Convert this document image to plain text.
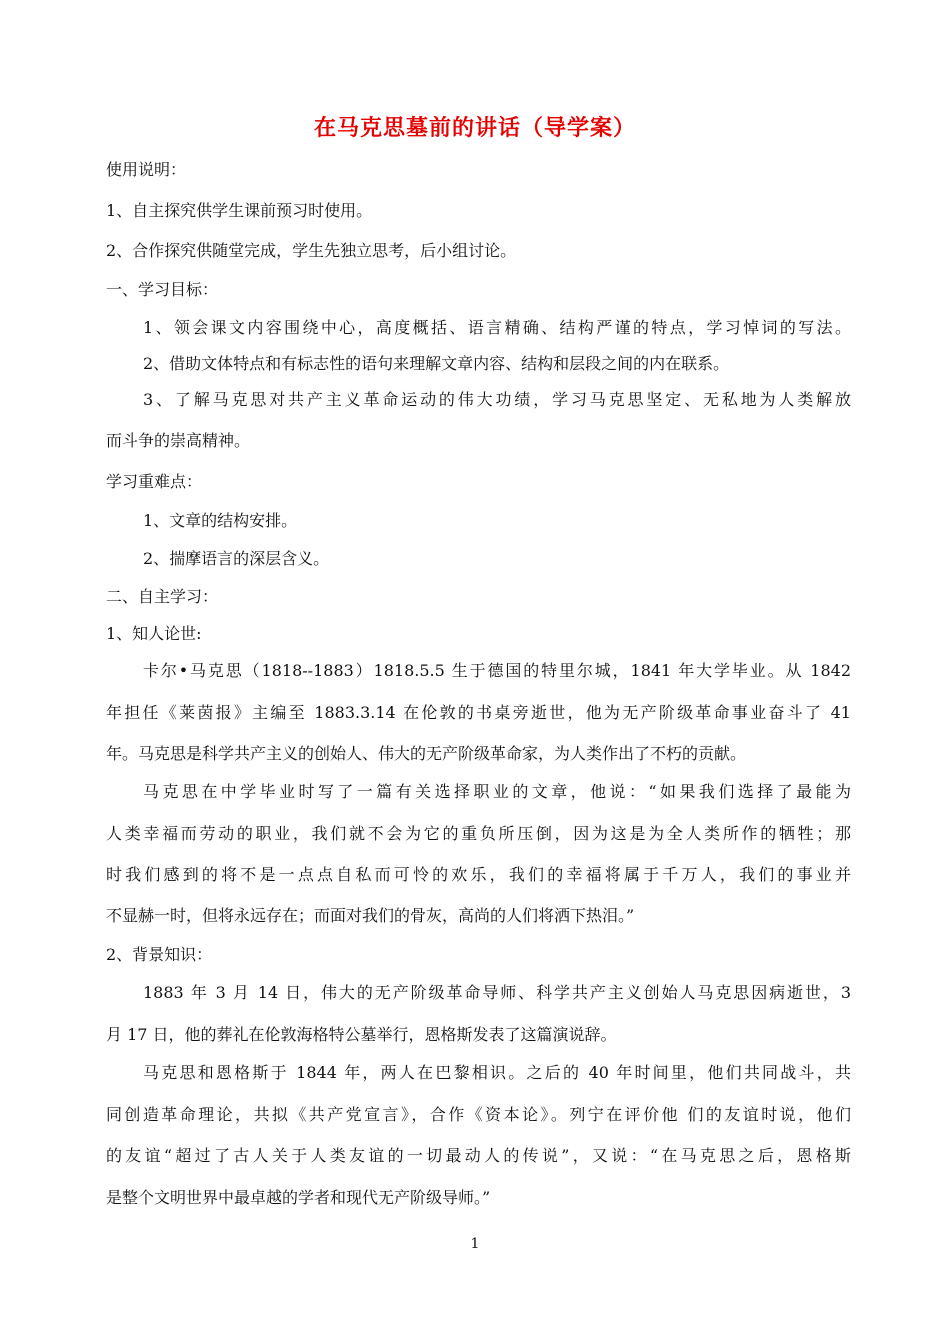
在马克思墓前的讲话（导学案）
使用说明：
1、自主探究供学生课前预习时使用。
2、合作探究供随堂完成，学生先独立思考，后小组讨论。
一、学习目标：
1、领会课文内容围绕中心，高度概括、语言精确、结构严谨的特点，学习悼词的写法。
2、借助文体特点和有标志性的语句来理解文章内容、结构和层段之间的内在联系。
3、了解马克思对共产主义革命运动的伟大功绩，学习马克思坚定、无私地为人类解放
而斗争的崇高精神。
学习重难点：
1、文章的结构安排。
2、揣摩语言的深层含义。
二、自主学习：
1、知人论世:
卡尔•马克思（1818--1883）1818.5.5 生于德国的特里尔城，1841 年大学毕业。从 1842
年担任《莱茵报》主编至 1883.3.14 在伦敦的书桌旁逝世，他为无产阶级革命事业奋斗了 41
年。马克思是科学共产主义的创始人、伟大的无产阶级革命家，为人类作出了不朽的贡献。
马克思在中学毕业时写了一篇有关选择职业的文章，他说：“如果我们选择了最能为
人类幸福而劳动的职业，我们就不会为它的重负所压倒，因为这是为全人类所作的牺牲；那
时我们感到的将不是一点点自私而可怜的欢乐，我们的幸福将属于千万人，我们的事业并
不显赫一时，但将永远存在；而面对我们的骨灰，高尚的人们将洒下热泪。”
2、背景知识：
1883 年 3 月 14 日，伟大的无产阶级革命导师、科学共产主义创始人马克思因病逝世，3
月 17 日，他的葬礼在伦敦海格特公墓举行，恩格斯发表了这篇演说辞。
马克思和恩格斯于 1844 年，两人在巴黎相识。之后的 40 年时间里，他们共同战斗，共
同创造革命理论，共拟《共产党宣言》，合作《资本论》。列宁在评价他 们的友谊时说，他们
的友谊“超过了古人关于人类友谊的一切最动人的传说”，又说：“在马克思之后，恩格斯
是整个文明世界中最卓越的学者和现代无产阶级导师。”
1
